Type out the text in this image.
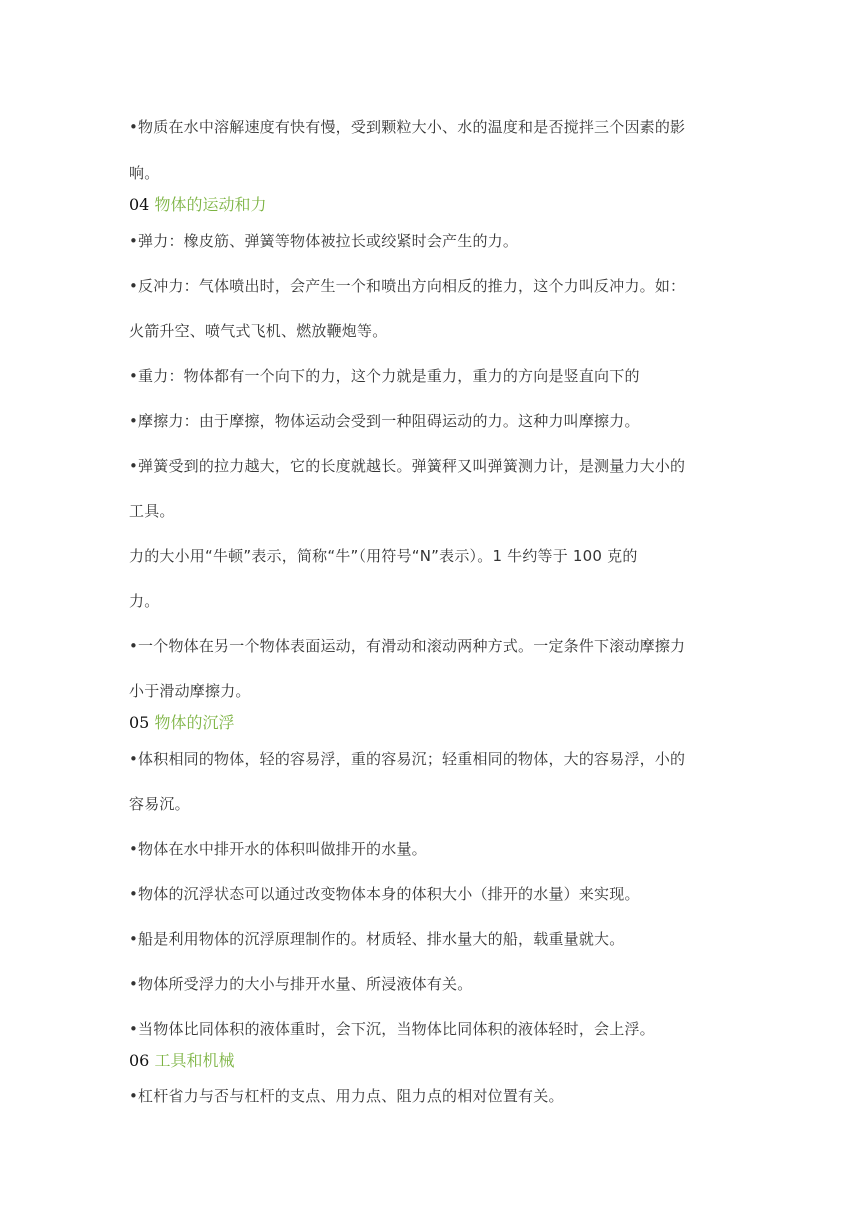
•物质在水中溶解速度有快有慢，受到颗粒大小、水的温度和是否搅拌三个因素的影
响。
04 物体的运动和力
•弹力：橡皮筋、弹簧等物体被拉长或绞紧时会产生的力。
•反冲力：气体喷出时，会产生一个和喷出方向相反的推力，这个力叫反冲力。如：
火箭升空、喷气式飞机、燃放鞭炮等。
•重力：物体都有一个向下的力，这个力就是重力，重力的方向是竖直向下的
•摩擦力：由于摩擦，物体运动会受到一种阻碍运动的力。这种力叫摩擦力。
•弹簧受到的拉力越大，它的长度就越长。弹簧秤又叫弹簧测力计，是测量力大小的
工具。
力的大小用“牛顿”表示，简称“牛”（用符号“N”表示）。1 牛约等于 100 克的
力。
•一个物体在另一个物体表面运动，有滑动和滚动两种方式。一定条件下滚动摩擦力
小于滑动摩擦力。
05 物体的沉浮
•体积相同的物体，轻的容易浮，重的容易沉；轻重相同的物体，大的容易浮，小的
容易沉。
•物体在水中排开水的体积叫做排开的水量。
•物体的沉浮状态可以通过改变物体本身的体积大小（排开的水量）来实现。
•船是利用物体的沉浮原理制作的。材质轻、排水量大的船，载重量就大。
•物体所受浮力的大小与排开水量、所浸液体有关。
•当物体比同体积的液体重时，会下沉，当物体比同体积的液体轻时，会上浮。
06 工具和机械
•杠杆省力与否与杠杆的支点、用力点、阻力点的相对位置有关。
